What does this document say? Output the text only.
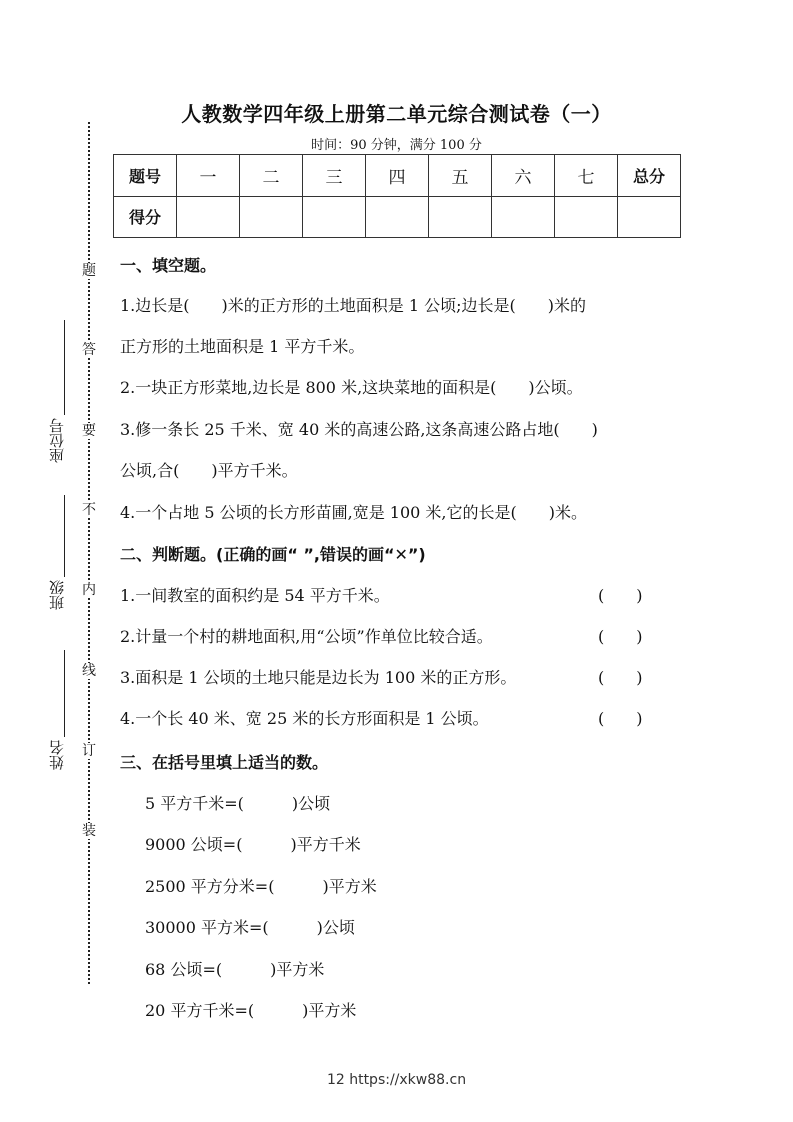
座位号
班级
姓名
题
答
要
不
内
线
订
装
人教数学四年级上册第二单元综合测试卷（一）
时间：90 分钟，满分 100 分
题号	一	二	三	四	五	六	七	总分
得分								
一、填空题。
1.边长是(　　)米的正方形的土地面积是 1 公顷;边长是(　　)米的
正方形的土地面积是 1 平方千米。
2.一块正方形菜地,边长是 800 米,这块菜地的面积是(　　)公顷。
3.修一条长 25 千米、宽 40 米的高速公路,这条高速公路占地(　　)
公顷,合(　　)平方千米。
4.一个占地 5 公顷的长方形苗圃,宽是 100 米,它的长是(　　)米。
二、判断题。(正确的画“ ”,错误的画“✕”)
1.一间教室的面积约是 54 平方千米。	(　　)
2.计量一个村的耕地面积,用“公顷”作单位比较合适。	(　　)
3.面积是 1 公顷的土地只能是边长为 100 米的正方形。	(　　)
4.一个长 40 米、宽 25 米的长方形面积是 1 公顷。	(　　)
三、在括号里填上适当的数。
5 平方千米=(　　　)公顷
9000 公顷=(　　　)平方千米
2500 平方分米=(　　　)平方米
30000 平方米=(　　　)公顷
68 公顷=(　　　)平方米
20 平方千米=(　　　)平方米
12 https://xkw88.cn
